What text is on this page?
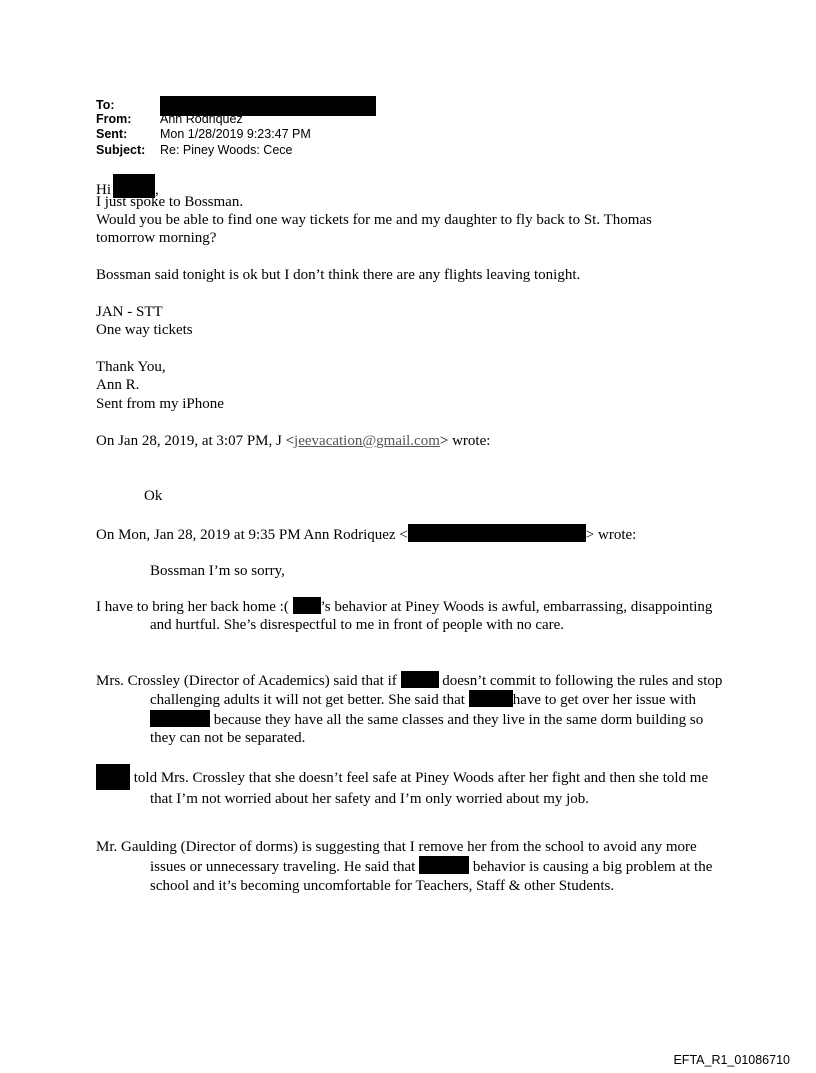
To:
From: Ann Rodriquez
Sent:	Mon 1/28/2019 9:23:47 PM
Subject: Re: Piney Woods: Cece
Hi	,
I just spoke to Bossman.
Would you be able to find one way tickets for me and my daughter to fly back to St. Thomas
tomorrow morning?
Bossman said tonight is ok but I don’t think there are any flights leaving tonight.
JAN - STT
One way tickets
Thank You,
Ann R.
Sent from my iPhone
On Jan 28, 2019, at 3:07 PM, J <jeevacation@gmail.com> wrote:
Ok
On Mon, Jan 28, 2019 at 9:35 PM Ann Rodriquez <	> wrote:
Bossman I’m so sorry,
I have to bring her back home :( ’s behavior at Piney Woods is awful, embarrassing, disappointing and hurtful. She’s disrespectful to me in front of people with no care.
Mrs. Crossley (Director of Academics) said that if	doesn’t commit to following the rules and stop challenging adults it will not get better. She said that	have to get over her issue with because they have all the same classes and they live in the same dorm building so they can not be separated.
told Mrs. Crossley that she doesn’t feel safe at Piney Woods after her fight and then she told me that I’m not worried about her safety and I’m only worried about my job.
Mr. Gaulding (Director of dorms) is suggesting that I remove her from the school to avoid any more issues or unnecessary traveling. He said that	behavior is causing a big problem at the school and it’s becoming uncomfortable for Teachers, Staff & other Students.
EFTA_R1_01086710
